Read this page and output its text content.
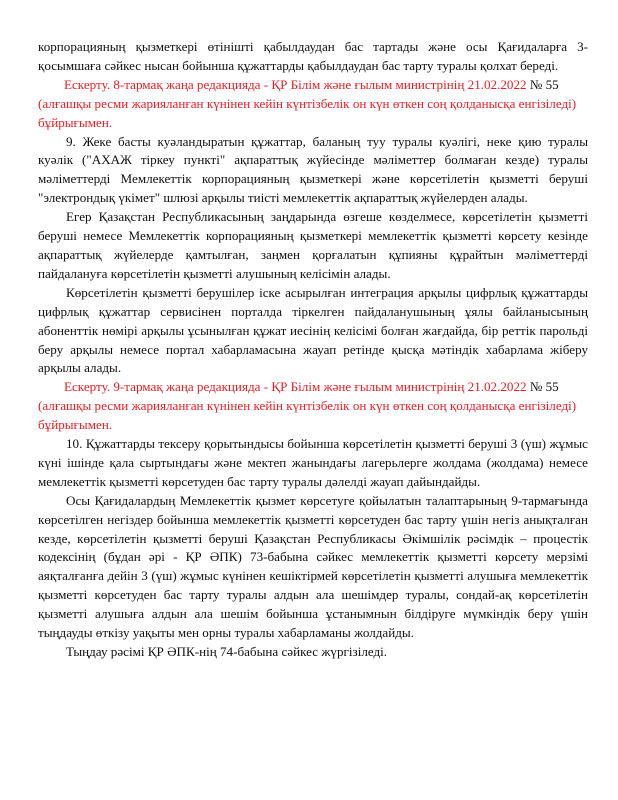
корпорацияның қызметкері өтінішті қабылдаудан бас тартады және осы Қағидаларға 3-қосымшаға сәйкес нысан бойынша құжаттарды қабылдаудан бас тарту туралы қолхат береді.

Ескерту. 8-тармақ жаңа редакцияда - ҚР Білім және ғылым министрінің 21.02.2022 № 55 (алғашқы ресми жарияланған күнінен кейін күнтізбелік он күн өткен соң қолданысқа енгізіледі) бұйрығымен.

9. Жеке басты куәландыратын құжаттар, баланың туу туралы куәлігі, неке қию туралы куәлік ("АХАЖ тіркеу пункті" ақпараттық жүйесінде мәліметтер болмаған кезде) туралы мәліметтерді Мемлекеттік корпорацияның қызметкері және көрсетілетін қызметті беруші "электрондық үкімет" шлюзі арқылы тиісті мемлекеттік ақпараттық жүйелерден алады.

Егер Қазақстан Республикасының заңдарында өзгеше көзделмесе, көрсетілетін қызметті беруші немесе Мемлекеттік корпорацияның қызметкері мемлекеттік қызметті көрсету кезінде ақпараттық жүйелерде қамтылған, заңмен қорғалатын құпияны құрайтын мәліметтерді пайдалануға көрсетілетін қызметті алушының келісімін алады.

Көрсетілетін қызметті берушілер іске асырылған интеграция арқылы цифрлық құжаттарды цифрлық құжаттар сервисінен порталда тіркелген пайдаланушының ұялы байланысының абоненттік нөмірі арқылы ұсынылған құжат иесінің келісімі болған жағдайда, бір реттік парольді беру арқылы немесе портал хабарламасына жауап ретінде қысқа мәтіндік хабарлама жіберу арқылы алады.

Ескерту. 9-тармақ жаңа редакцияда - ҚР Білім және ғылым министрінің 21.02.2022 № 55 (алғашқы ресми жарияланған күнінен кейін күнтізбелік он күн өткен соң қолданысқа енгізіледі) бұйрығымен.

10. Құжаттарды тексеру қорытындысы бойынша көрсетілетін қызметті беруші 3 (үш) жұмыс күні ішінде қала сыртындағы және мектеп жанындағы лагерьлерге жолдама (жолдама) немесе мемлекеттік қызметті көрсетуден бас тарту туралы дәлелді жауап дайындайды.

Осы Қағидалардың Мемлекеттік қызмет көрсетуге қойылатын талаптарының 9-тармағында көрсетілген негіздер бойынша мемлекеттік қызметті көрсетуден бас тарту үшін негіз анықталған кезде, көрсетілетін қызметті беруші Қазақстан Республикасы Әкімшілік рәсімдік – процестік кодексінің (бұдан әрі - ҚР ӘПК) 73-бабына сәйкес мемлекеттік қызметті көрсету мерзімі аяқталғанға дейін 3 (үш) жұмыс күнінен кешіктірмей көрсетілетін қызметті алушыға мемлекеттік қызметті көрсетуден бас тарту туралы алдын ала шешімдер туралы, сондай-ақ көрсетілетін қызметті алушыға алдын ала шешім бойынша ұстанымнын білдіруге мүмкіндік беру үшін тыңдауды өткізу уақыты мен орны туралы хабарламаны жолдайды.

Тыңдау рәсімі ҚР ӘПК-нің 74-бабына сәйкес жүргізіледі.
